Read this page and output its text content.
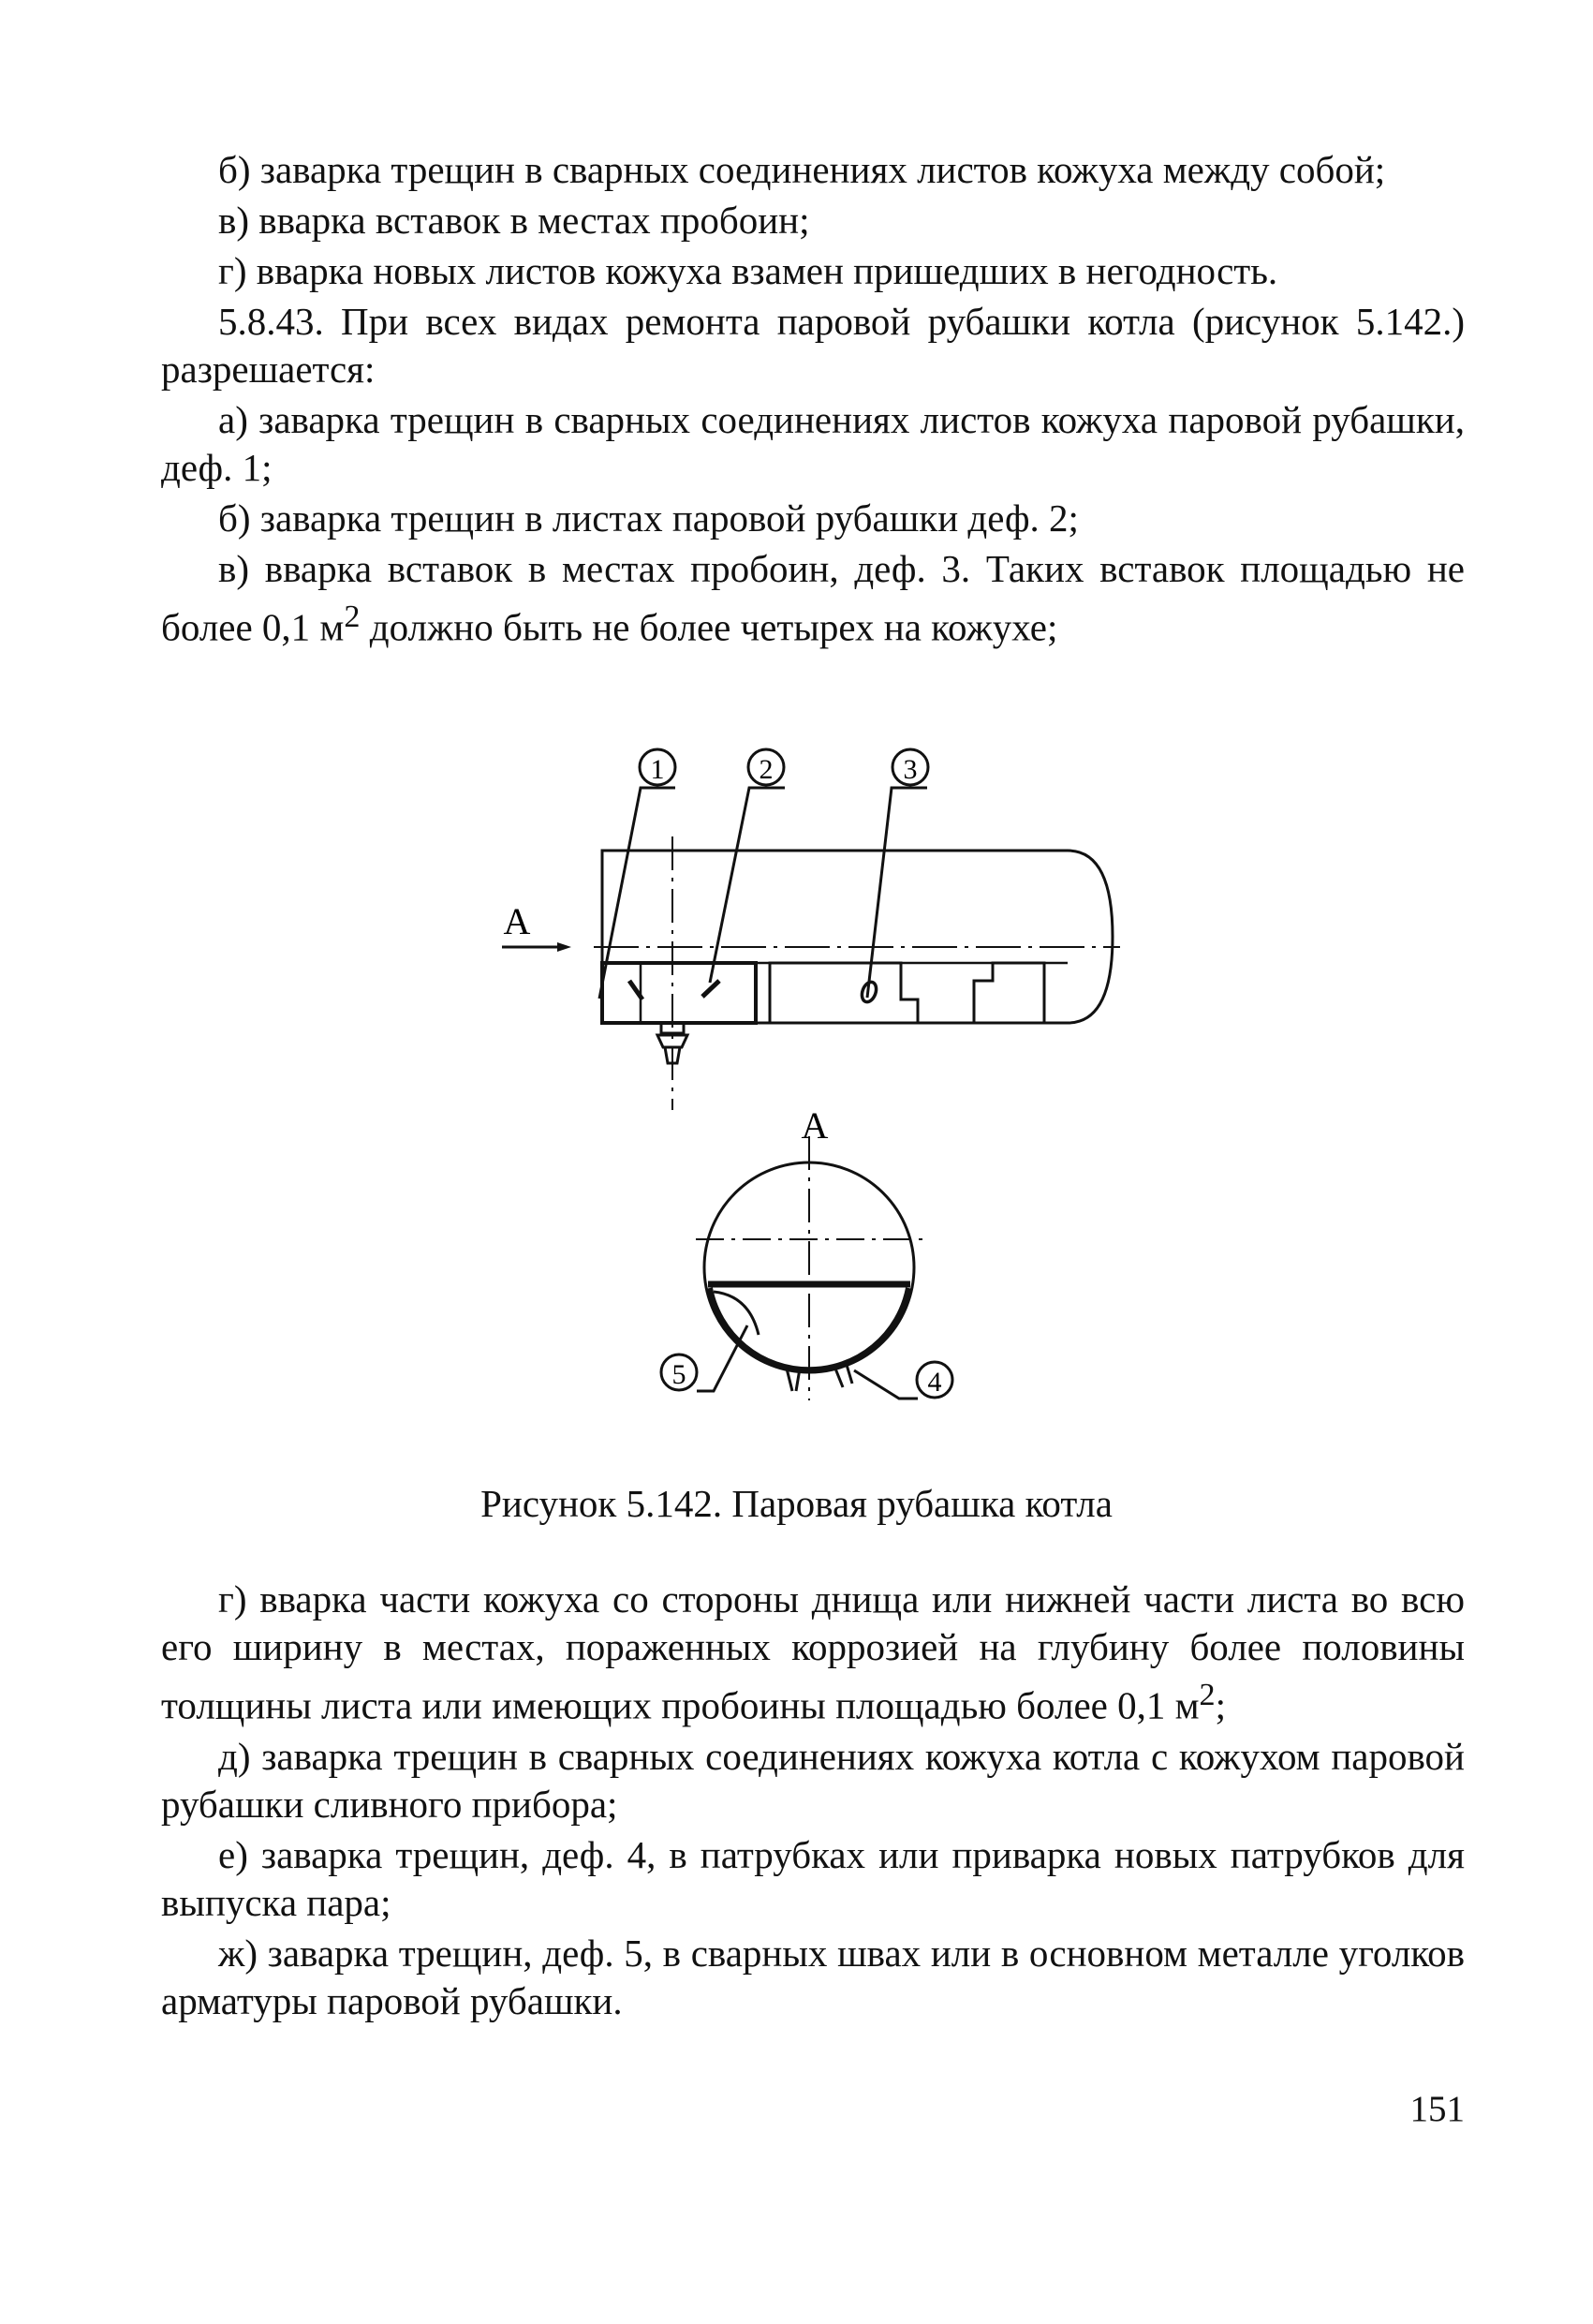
б) заварка трещин в сварных соединениях листов кожуха между собой;

в) вварка вставок в местах пробоин;

г) вварка новых листов кожуха взамен пришедших в негодность.

5.8.43. При всех видах ремонта паровой рубашки котла (рисунок 5.142.) разрешается:

а) заварка трещин в сварных соединениях листов кожуха паровой рубашки, деф. 1;

б) заварка трещин в листах паровой рубашки деф. 2;

в) вварка вставок в местах пробоин, деф. 3. Таких вставок площадью не более 0,1 $м^2$ должно быть не более четырех на кожухе;

1	2	3
5	4
А
А
Рисунок 5.142. Паровая рубашка котла

г) вварка части кожуха со стороны днища или нижней части листа во всю его ширину в местах, пораженных коррозией на глубину более половины толщины листа или имеющих пробоины площадью более 0,1 $м^2$;

д) заварка трещин в сварных соединениях кожуха котла с кожухом паровой рубашки сливного прибора;

е) заварка трещин, деф. 4, в патрубках или приварка новых патрубков для выпуска пара;

ж) заварка трещин, деф. 5, в сварных швах или в основном металле уголков арматуры паровой рубашки.

151
